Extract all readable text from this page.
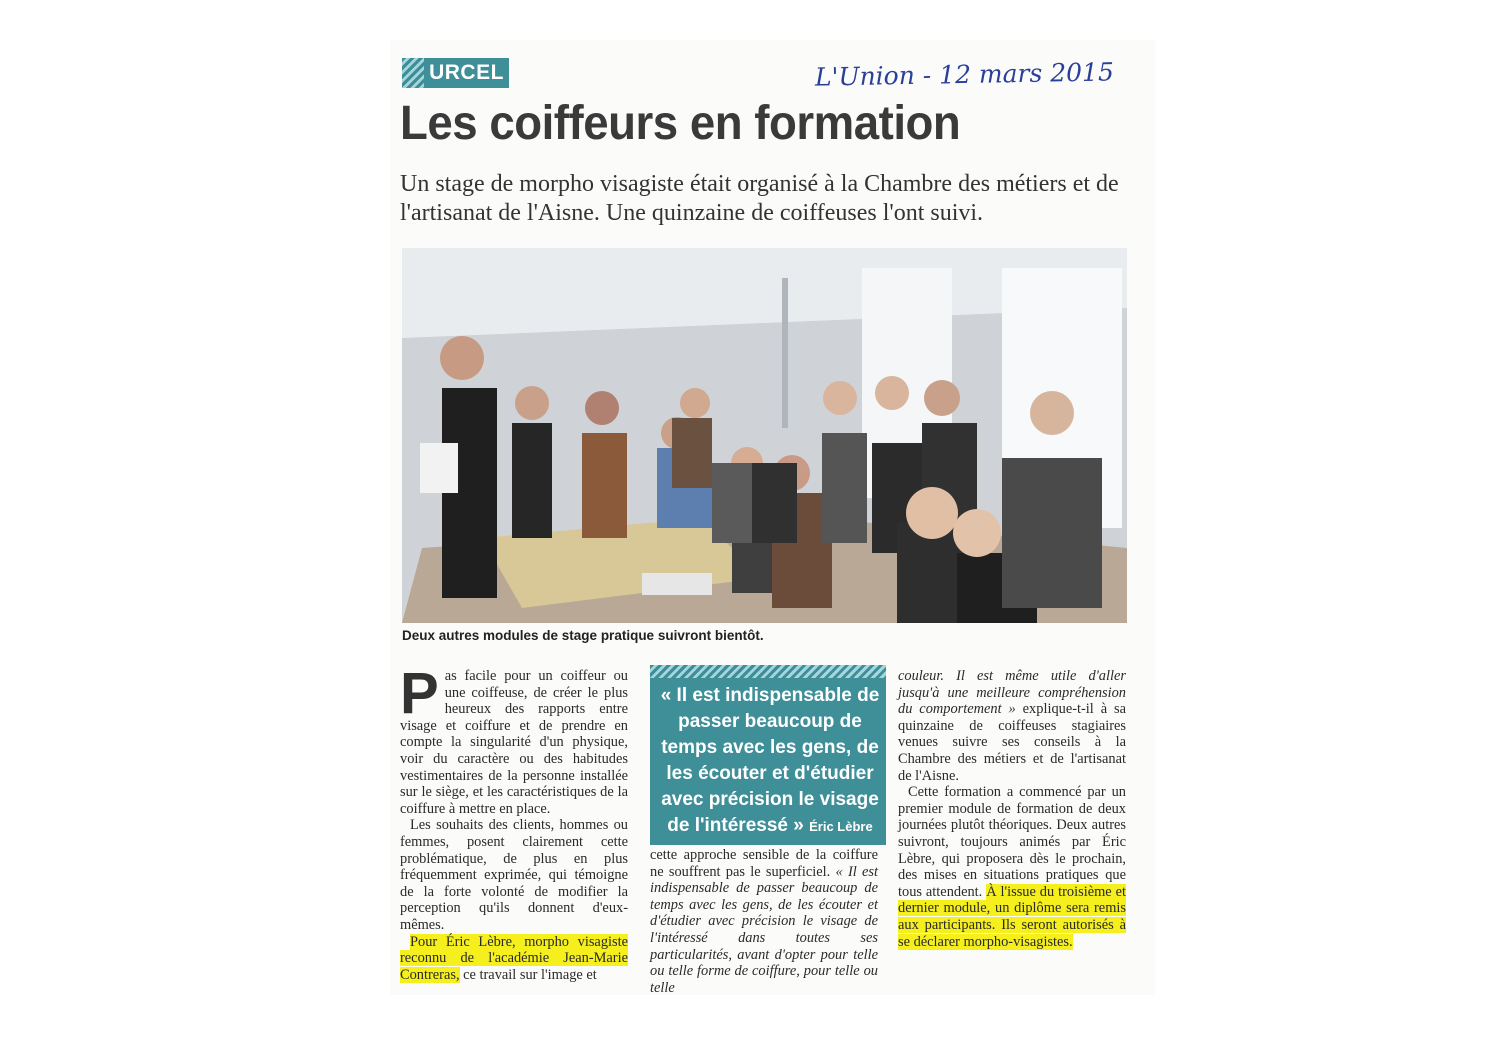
URCEL	L'Union - 12 mars 2015
Les coiffeurs en formation
Un stage de morpho visagiste était organisé à la Chambre des métiers et de l'artisanat de l'Aisne. Une quinzaine de coiffeuses l'ont suivi.
Deux autres modules de stage pratique suivront bientôt.
P as facile pour un coiffeur ou une coiffeuse, de créer le plus heureux des rapports entre visage et coiffure et de prendre en compte la singularité d'un physique, voir du caractère ou des habitudes vestimentaires de la personne installée sur le siège, et les caractéristiques de la coiffure à mettre en place.

Les souhaits des clients, hommes ou femmes, posent clairement cette problématique, de plus en plus fréquemment exprimée, qui témoigne de la forte volonté de modifier la perception qu'ils donnent d'eux-mêmes.

Pour Éric Lèbre, morpho visagiste reconnu de l'académie Jean-Marie Contreras, ce travail sur l'image et

« Il est indispensable de passer beaucoup de temps avec les gens, de les écouter et d'étudier avec précision le visage de l'intéressé » Éric Lèbre
cette approche sensible de la coiffure ne souffrent pas le superficiel. « Il est indispensable de passer beaucoup de temps avec les gens, de les écouter et d'étudier avec précision le visage de l'intéressé dans toutes ses particularités, avant d'opter pour telle ou telle forme de coiffure, pour telle ou telle

couleur. Il est même utile d'aller jusqu'à une meilleure compréhension du comportement » explique-t-il à sa quinzaine de coiffeuses stagiaires venues suivre ses conseils à la Chambre des métiers et de l'artisanat de l'Aisne.

Cette formation a commencé par un premier module de formation de deux journées plutôt théoriques. Deux autres suivront, toujours animés par Éric Lèbre, qui proposera dès le prochain, des mises en situations pratiques que tous attendent. À l'issue du troisième et dernier module, un diplôme sera remis aux participants. Ils seront autorisés à se déclarer morpho-visagistes.
